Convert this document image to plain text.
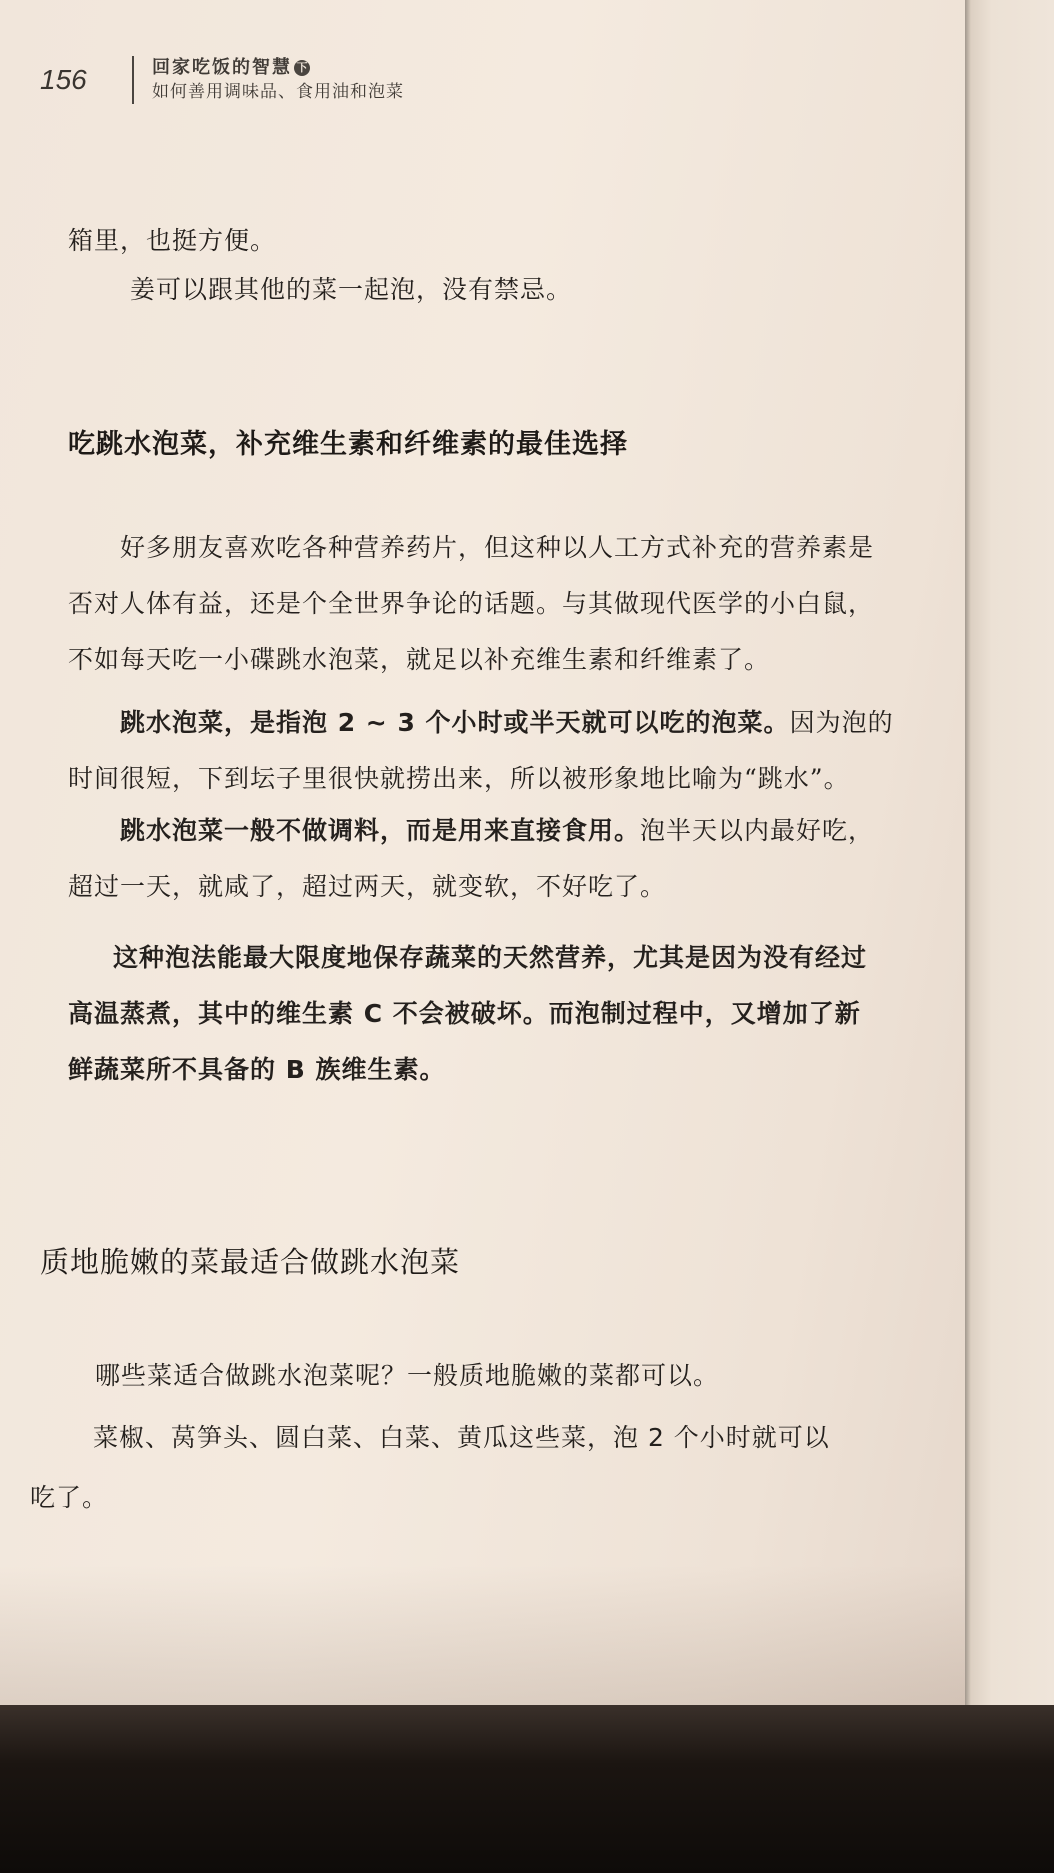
156	回家吃饭的智慧 下
如何善用调味品、食用油和泡菜

箱里，也挺方便。

姜可以跟其他的菜一起泡，没有禁忌。

吃跳水泡菜，补充维生素和纤维素的最佳选择

好多朋友喜欢吃各种营养药片，但这种以人工方式补充的营养素是
否对人体有益，还是个全世界争论的话题。与其做现代医学的小白鼠，
不如每天吃一小碟跳水泡菜，就足以补充维生素和纤维素了。

跳水泡菜，是指泡 2 ~ 3 个小时或半天就可以吃的泡菜。因为泡的
时间很短，下到坛子里很快就捞出来，所以被形象地比喻为“跳水”。

跳水泡菜一般不做调料，而是用来直接食用。泡半天以内最好吃，
超过一天，就咸了，超过两天，就变软，不好吃了。

这种泡法能最大限度地保存蔬菜的天然营养，尤其是因为没有经过
高温蒸煮，其中的维生素 C 不会被破坏。而泡制过程中，又增加了新
鲜蔬菜所不具备的 B 族维生素。

质地脆嫩的菜最适合做跳水泡菜

哪些菜适合做跳水泡菜呢？一般质地脆嫩的菜都可以。

菜椒、莴笋头、圆白菜、白菜、黄瓜这些菜，泡 2 个小时就可以
吃了。
